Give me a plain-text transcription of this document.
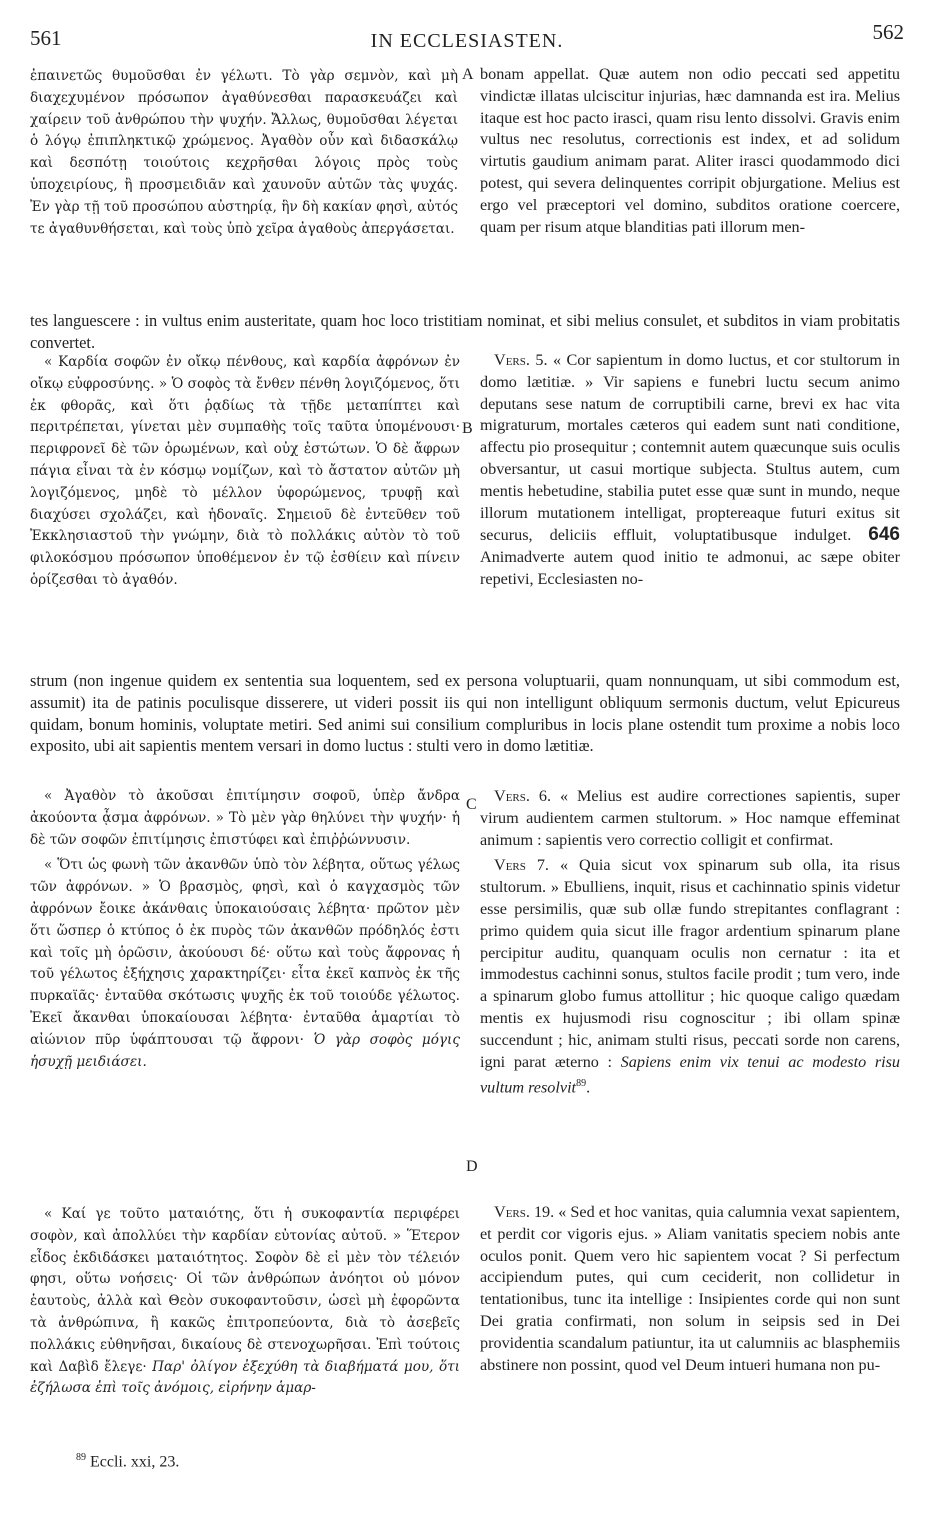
561	IN ECCLESIASTEN.	562

ἐπαινετῶς θυμοῦσθαι ἐν γέλωτι. Τὸ γὰρ σεμνὸν, καὶ μὴ διαχεχυμένον πρόσωπον ἀγαθύνεσθαι παρασκευάζει καὶ χαίρειν τοῦ ἀνθρώπου τὴν ψυχήν. Ἄλλως, θυμοῦσθαι λέγεται ὁ λόγῳ ἐπιπληκτικῷ χρώμενος. Ἀγαθὸν οὖν καὶ διδασκάλῳ καὶ δεσπότῃ τοιούτοις κεχρῆσθαι λόγοις πρὸς τοὺς ὑποχειρίους, ἢ προσμειδιᾶν καὶ χαυνοῦν αὐτῶν τὰς ψυχάς. Ἐν γὰρ τῇ τοῦ προσώπου αὐστηρίᾳ, ἣν δὴ κακίαν φησὶ, αὐτός τε ἀγαθυνθήσεται, καὶ τοὺς ὑπὸ χεῖρα ἀγαθοὺς ἀπεργάσεται.

A bonam appellat. Quæ autem non odio peccati sed appetitu vindictæ illatas ulciscitur injurias, hæc damnanda est ira. Melius itaque est hoc pacto irasci, quam risu lento dissolvi. Gravis enim vultus nec resolutus, correctionis est index, et ad solidum virtutis gaudium animam parat. Aliter irasci quodammodo dici potest, qui severa delinquentes corripit objurgatione. Melius est ergo vel præceptori vel domino, subditos oratione coercere, quam per risum atque blanditias pati illorum men-

tes languescere : in vultus enim austeritate, quam hoc loco tristitiam nominat, et sibi melius consulet, et subditos in viam probitatis convertet.

« Καρδία σοφῶν ἐν οἴκῳ πένθους, καὶ καρδία ἀφρόνων ἐν οἴκῳ εὐφροσύνης. » Ὁ σοφὸς τὰ ἔνθεν πένθη λογιζόμενος, ὅτι ἐκ φθορᾶς, καὶ ὅτι ῥᾳδίως τὰ τῇδε μεταπίπτει καὶ περιτρέπεται, γίνεται μὲν συμπαθὴς τοῖς ταῦτα ὑπομένουσι· περιφρονεῖ δὲ τῶν ὁρωμένων, καὶ οὐχ ἐστώτων. Ὁ δὲ ἄφρων πάγια εἶναι τὰ ἐν κόσμῳ νομίζων, καὶ τὸ ἄστατον αὐτῶν μὴ λογιζόμενος, μηδὲ τὸ μέλλον ὑφορώμενος, τρυφῇ καὶ διαχύσει σχολάζει, καὶ ἡδοναῖς. Σημειοῦ δὲ ἐντεῦθεν τοῦ Ἐκκλησιαστοῦ τὴν γνώμην, διὰ τὸ πολλάκις αὐτὸν τὸ τοῦ φιλοκόσμου πρόσωπον ὑποθέμενον ἐν τῷ ἐσθίειν καὶ πίνειν ὁρίζεσθαι τὸ ἀγαθόν.

B

Vers. 5. « Cor sapientum in domo luctus, et cor stultorum in domo lætitiæ. » Vir sapiens e funebri luctu secum animo deputans sese natum de corruptibili carne, brevi ex hac vita migraturum, mortales cæteros qui eadem sunt nati conditione, affectu pio prosequitur ; contemnit autem quæcunque suis oculis obversantur, ut casui mortique subjecta. Stultus autem, cum mentis hebetudine, stabilia putet esse quæ sunt in mundo, neque illorum mutationem intelligat, proptereaque futuri exitus sit securus, deliciis effluit, voluptatibusque indulget. 646 Animadverte autem quod initio te admonui, ac sæpe obiter repetivi, Ecclesiasten no-

strum (non ingenue quidem ex sententia sua loquentem, sed ex persona voluptuarii, quam nonnunquam, ut sibi commodum est, assumit) ita de patinis poculisque disserere, ut videri possit iis qui non intelligunt obliquum sermonis ductum, velut Epicureus quidam, bonum hominis, voluptate metiri. Sed animi sui consilium compluribus in locis plane ostendit tum proxime a nobis loco exposito, ubi ait sapientis mentem versari in domo luctus : stulti vero in domo lætitiæ.

« Ἀγαθὸν τὸ ἀκοῦσαι ἐπιτίμησιν σοφοῦ, ὑπὲρ ἄνδρα ἀκούοντα ᾆσμα ἀφρόνων. » Τὸ μὲν γὰρ θηλύνει τὴν ψυχήν· ἡ δὲ τῶν σοφῶν ἐπιτίμησις ἐπιστύφει καὶ ἐπιῤῥώννυσιν.

« Ὅτι ὡς φωνὴ τῶν ἀκανθῶν ὑπὸ τὸν λέβητα, οὕτως γέλως τῶν ἀφρόνων. » Ὁ βρασμὸς, φησὶ, καὶ ὁ καγχασμὸς τῶν ἀφρόνων ἔοικε ἀκάνθαις ὑποκαιούσαις λέβητα· πρῶτον μὲν ὅτι ὥσπερ ὁ κτύπος ὁ ἐκ πυρὸς τῶν ἀκανθῶν πρόδηλός ἐστι καὶ τοῖς μὴ ὁρῶσιν, ἀκούουσι δέ· οὕτω καὶ τοὺς ἄφρονας ἡ τοῦ γέλωτος ἐξήχησις χαρακτηρίζει· εἶτα ἐκεῖ καπνὸς ἐκ τῆς πυρκαϊᾶς· ἐνταῦθα σκότωσις ψυχῆς ἐκ τοῦ τοιούδε γέλωτος. Ἐκεῖ ἄκανθαι ὑποκαίουσαι λέβητα· ἐνταῦθα ἁμαρτίαι τὸ αἰώνιον πῦρ ὑφάπτουσαι τῷ ἄφρονι· Ὁ γὰρ σοφὸς μόγις ἡσυχῇ μειδιάσει.

C
D

Vers. 6. « Melius est audire correctiones sapientis, super virum audientem carmen stultorum. » Hoc namque effeminat animum : sapientis vero correctio colligit et confirmat.

Vers 7. « Quia sicut vox spinarum sub olla, ita risus stultorum. » Ebulliens, inquit, risus et cachinnatio spinis videtur esse persimilis, quæ sub ollæ fundo strepitantes conflagrant : primo quidem quia sicut ille fragor ardentium spinarum plane percipitur auditu, quanquam oculis non cernatur : ita et immodestus cachinni sonus, stultos facile prodit ; tum vero, inde a spinarum globo fumus attollitur ; hic quoque caligo quædam mentis ex hujusmodi risu cognoscitur ; ibi ollam spinæ succendunt ; hic, animam stulti risus, peccati sorde non carens, igni parat æterno : Sapiens enim vix tenui ac modesto risu vultum resolvit$^{89}$.

« Καί γε τοῦτο ματαιότης, ὅτι ἡ συκοφαντία περιφέρει σοφὸν, καὶ ἀπολλύει τὴν καρδίαν εὐτονίας αὐτοῦ. » Ἕτερον εἶδος ἐκδιδάσκει ματαιότητος. Σοφὸν δὲ εἰ μὲν τὸν τέλειόν φησι, οὕτω νοήσεις· Οἱ τῶν ἀνθρώπων ἀνόητοι οὐ μόνον ἑαυτοὺς, ἀλλὰ καὶ Θεὸν συκοφαντοῦσιν, ὡσεὶ μὴ ἐφορῶντα τὰ ἀνθρώπινα, ἢ κακῶς ἐπιτροπεύοντα, διὰ τὸ ἀσεβεῖς πολλάκις εὐθηνῆσαι, δικαίους δὲ στενοχωρῆσαι. Ἐπὶ τούτοις καὶ Δαβὶδ ἔλεγε· Παρ' ὀλίγον ἐξεχύθη τὰ διαβήματά μου, ὅτι ἐζήλωσα ἐπὶ τοῖς ἀνόμοις, εἰρήνην ἁμαρ-

Vers. 19. « Sed et hoc vanitas, quia calumnia vexat sapientem, et perdit cor vigoris ejus. » Aliam vanitatis speciem nobis ante oculos ponit. Quem vero hic sapientem vocat ? Si perfectum accipiendum putes, qui cum ceciderit, non collidetur in tentationibus, tunc ita intellige : Insipientes corde qui non sunt Dei gratia confirmati, non solum in seipsis sed in Dei providentia scandalum patiuntur, ita ut calumniis ac blasphemiis abstinere non possint, quod vel Deum intueri humana non pu-

$^{89}$ Eccli. xxi, 23.
